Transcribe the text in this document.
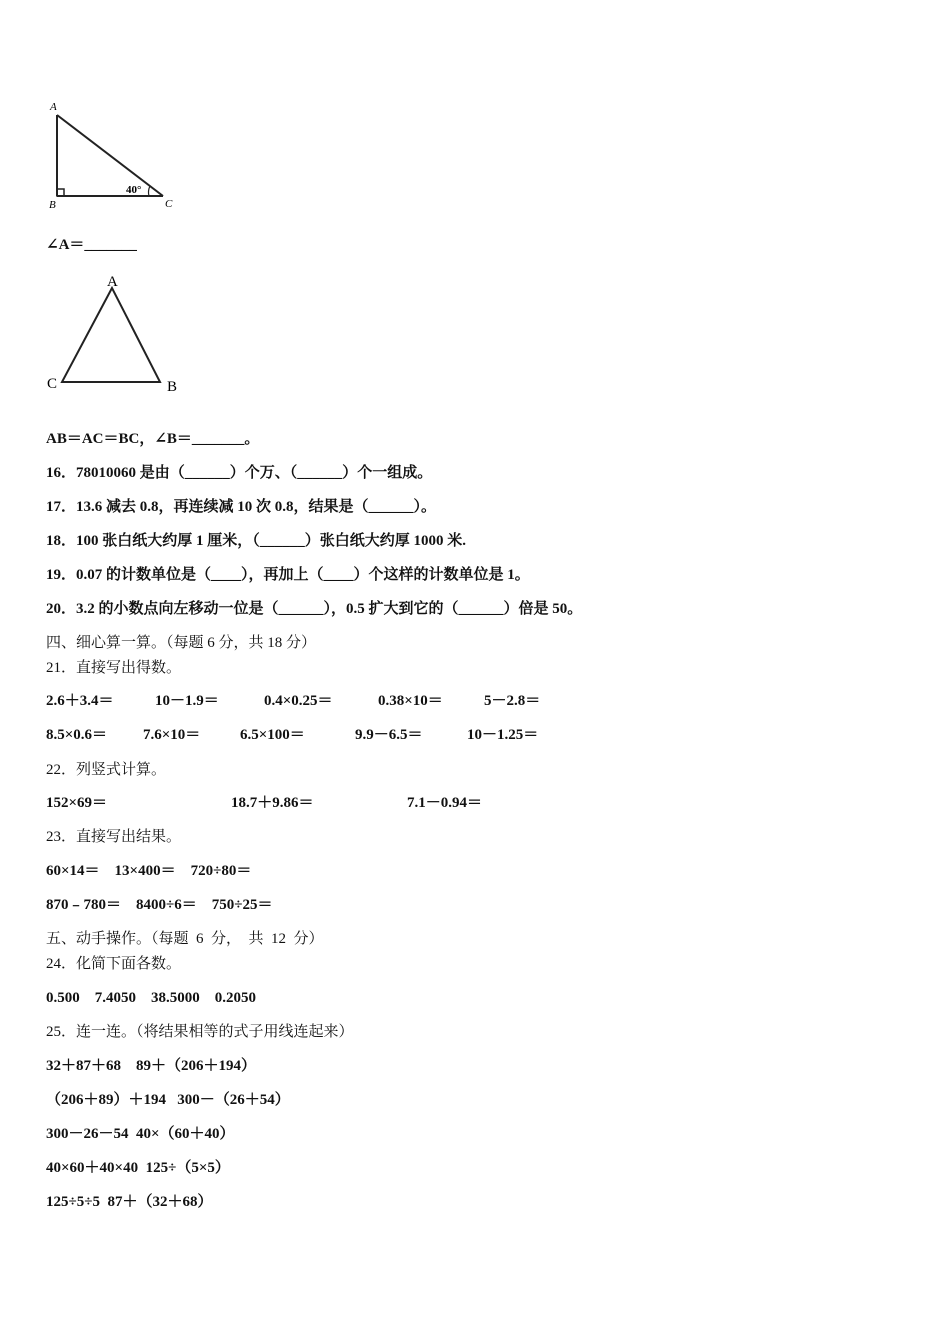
A
B	C
40°
∠A＝_______
A
B
C
AB＝AC＝BC，∠B＝_______。
16．78010060 是由（______）个万、（______）个一组成。
17．13.6 减去 0.8，再连续减 10 次 0.8，结果是（______）。
18．100 张白纸大约厚 1 厘米，（______）张白纸大约厚 1000 米.
19．0.07 的计数单位是（____），再加上（____）个这样的计数单位是 1。
20．3.2 的小数点向左移动一位是（______），0.5 扩大到它的（______）倍是 50。
四、细心算一算。（每题 6 分，共 18 分）
21．直接写出得数。
2.6＋3.4＝	10－1.9＝	0.4×0.25＝	0.38×10＝	5－2.8＝
8.5×0.6＝ 7.6×10＝	6.5×100＝	9.9－6.5＝	10－1.25＝
22．列竖式计算。
152×69＝	18.7＋9.86＝	7.1－0.94＝
23．直接写出结果。
60×14＝    13×400＝    720÷80＝
870﹣780＝    8400÷6＝    750÷25＝
五、动手操作。（每题  6  分，  共  12  分）
24．化简下面各数。
0.500    7.4050    38.5000    0.2050
25．连一连。（将结果相等的式子用线连起来）
32＋87＋68    89＋（206＋194）
（206＋89）＋194   300－（26＋54）
300－26－54  40×（60＋40）
40×60＋40×40  125÷（5×5）
125÷5÷5  87＋（32＋68）
